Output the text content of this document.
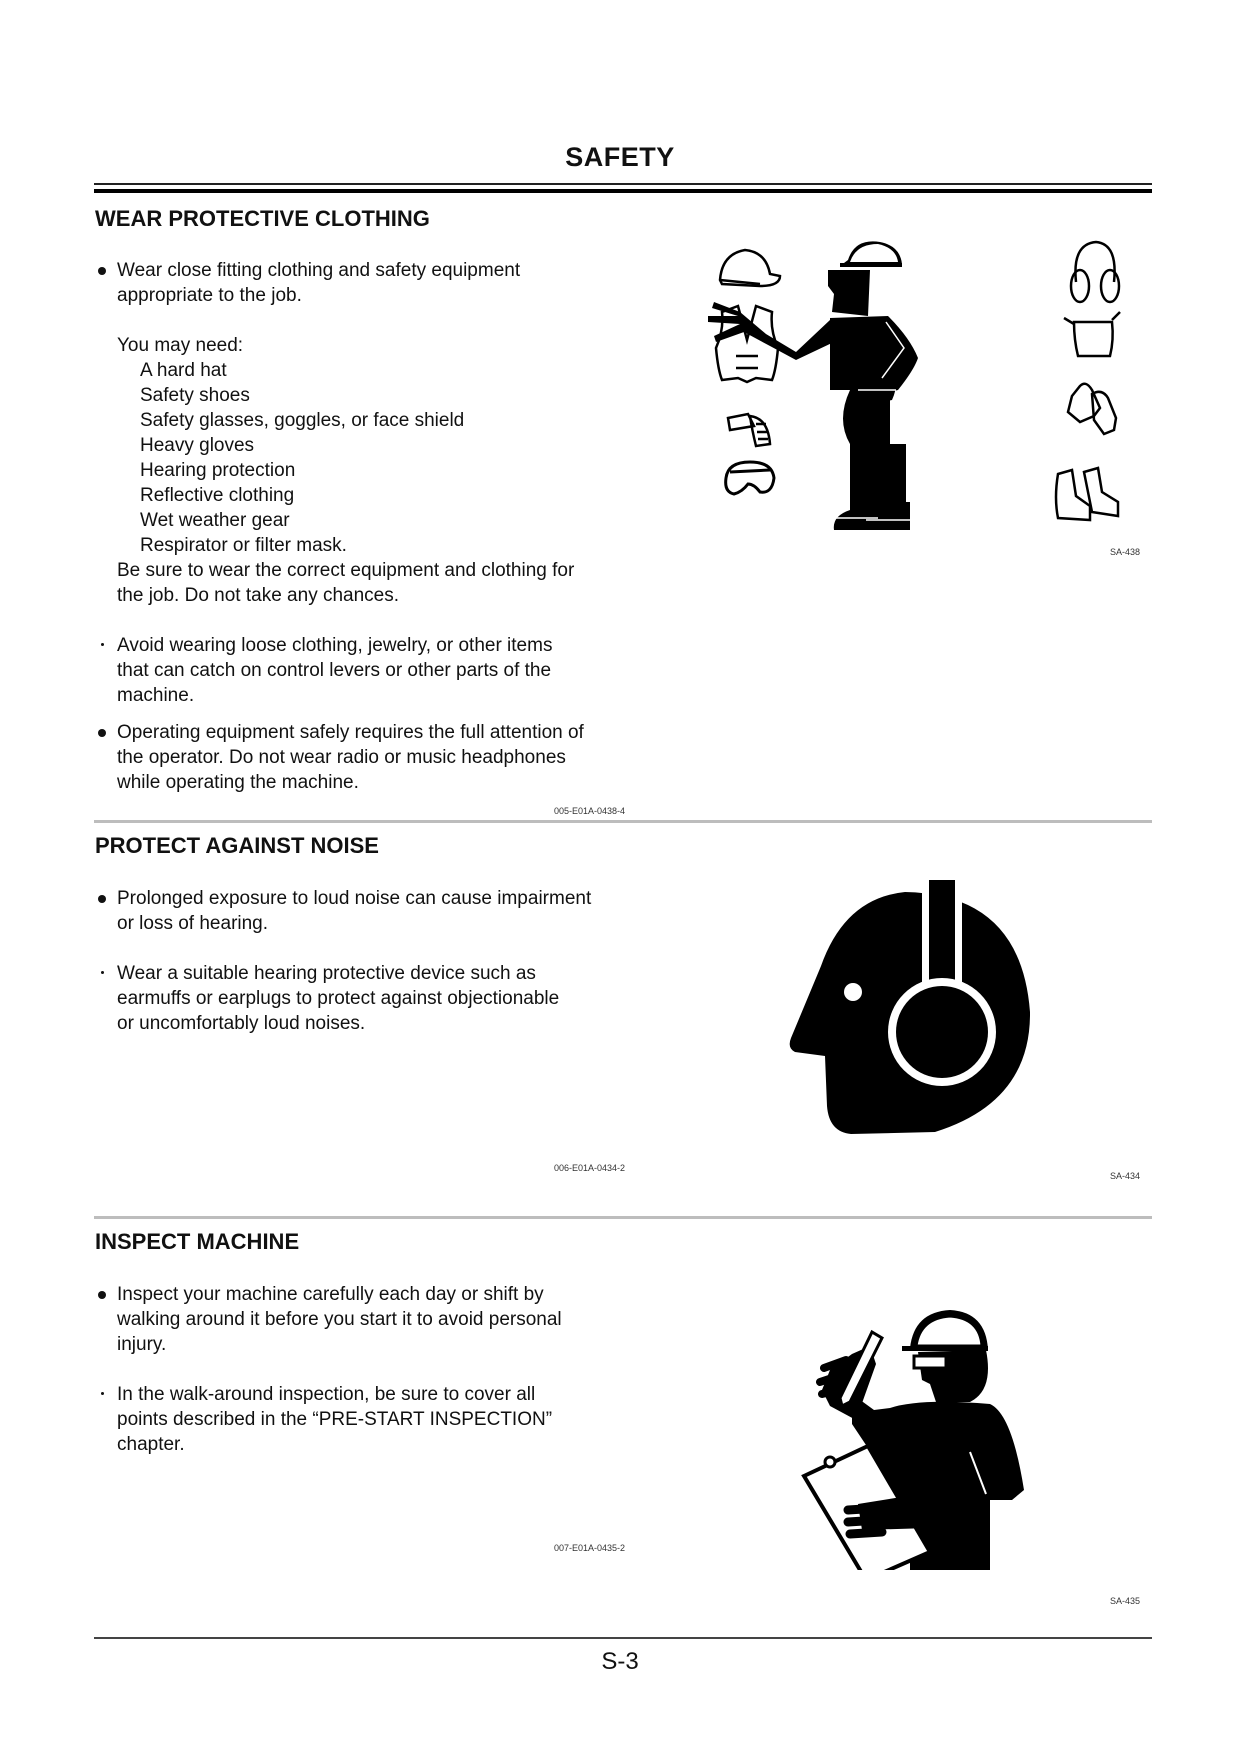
SAFETY
WEAR PROTECTIVE CLOTHING
Wear close fitting clothing and safety equipment
appropriate to the job.
You may need:
A hard hat
Safety shoes
Safety glasses, goggles, or face shield
Heavy gloves
Hearing protection
Reflective clothing
Wet weather gear
Respirator or filter mask.
Be sure to wear the correct equipment and clothing for
the job. Do not take any chances.
Avoid wearing loose clothing, jewelry, or other items
that can catch on control levers or other parts of the
machine.
Operating equipment safely requires the full attention of
the operator. Do not wear radio or music headphones
while operating the machine.
005-E01A-0438-4
SA-438
PROTECT AGAINST NOISE
Prolonged exposure to loud noise can cause impairment
or loss of hearing.
Wear a suitable hearing protective device such as
earmuffs or earplugs to protect against objectionable
or uncomfortably loud noises.
006-E01A-0434-2
SA-434
INSPECT MACHINE
Inspect your machine carefully each day or shift by
walking around it before you start it to avoid personal
injury.
In the walk-around inspection, be sure to cover all
points described in the “PRE-START INSPECTION”
chapter.
007-E01A-0435-2
SA-435
S-3
